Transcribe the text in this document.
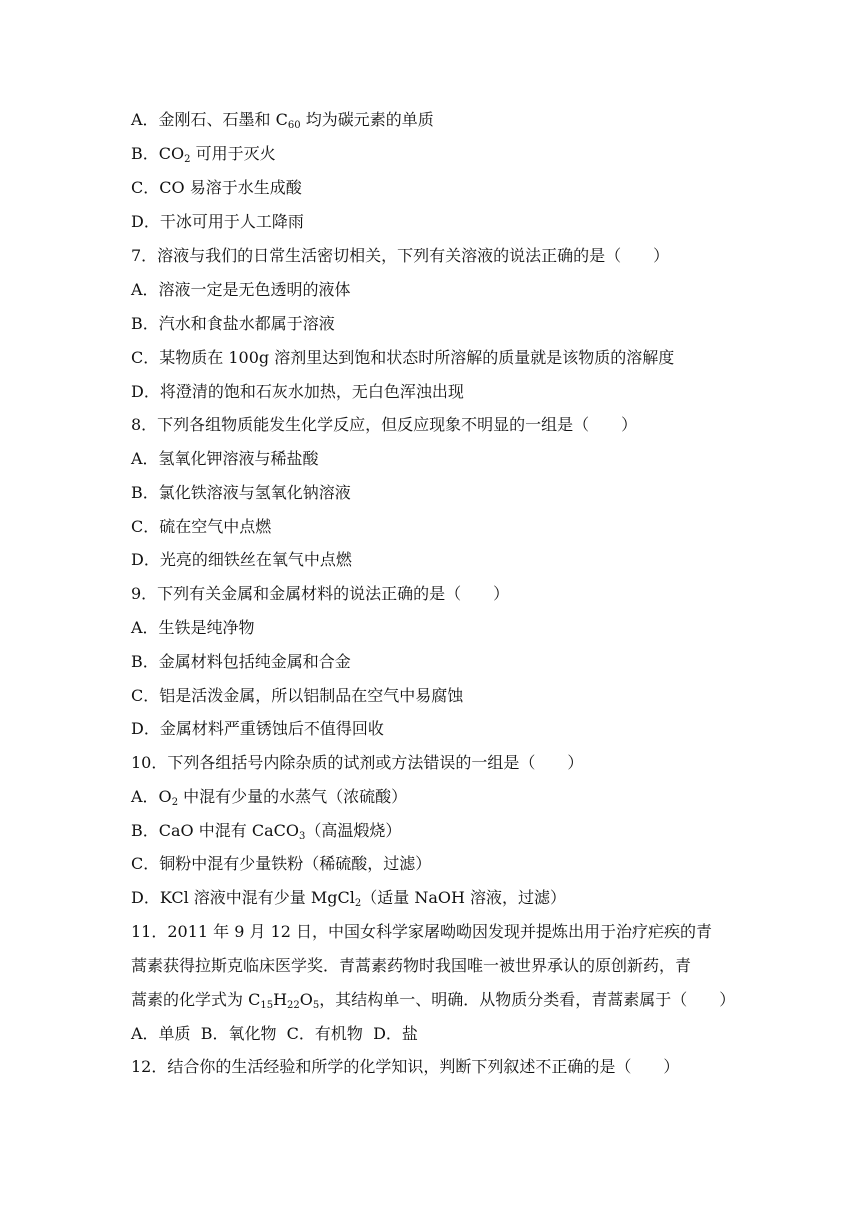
A．金刚石、石墨和 $C_{60}$ 均为碳元素的单质
B．$CO_2$ 可用于灭火
C．CO 易溶于水生成酸
D．干冰可用于人工降雨
7．溶液与我们的日常生活密切相关，下列有关溶液的说法正确的是（　　）
A．溶液一定是无色透明的液体
B．汽水和食盐水都属于溶液
C．某物质在 100g 溶剂里达到饱和状态时所溶解的质量就是该物质的溶解度
D．将澄清的饱和石灰水加热，无白色浑浊出现
8．下列各组物质能发生化学反应，但反应现象不明显的一组是（　　）
A．氢氧化钾溶液与稀盐酸
B．氯化铁溶液与氢氧化钠溶液
C．硫在空气中点燃
D．光亮的细铁丝在氧气中点燃
9．下列有关金属和金属材料的说法正确的是（　　）
A．生铁是纯净物
B．金属材料包括纯金属和合金
C．铝是活泼金属，所以铝制品在空气中易腐蚀
D．金属材料严重锈蚀后不值得回收
10．下列各组括号内除杂质的试剂或方法错误的一组是（　　）
A．$O_2$ 中混有少量的水蒸气（浓硫酸）
B．CaO 中混有 CaCO$_3$（高温煅烧）
C．铜粉中混有少量铁粉（稀硫酸，过滤）
D．KCl 溶液中混有少量 MgCl$_2$（适量 NaOH 溶液，过滤）
11．2011 年 9 月 12 日，中国女科学家屠呦呦因发现并提炼出用于治疗疟疾的青
蒿素获得拉斯克临床医学奖．青蒿素药物时我国唯一被世界承认的原创新药，青
蒿素的化学式为 $C_{15}H_{22}O_5$，其结构单一、明确．从物质分类看，青蒿素属于（　　）
A．单质  B．氧化物  C．有机物  D．盐
12．结合你的生活经验和所学的化学知识，判断下列叙述不正确的是（　　）
